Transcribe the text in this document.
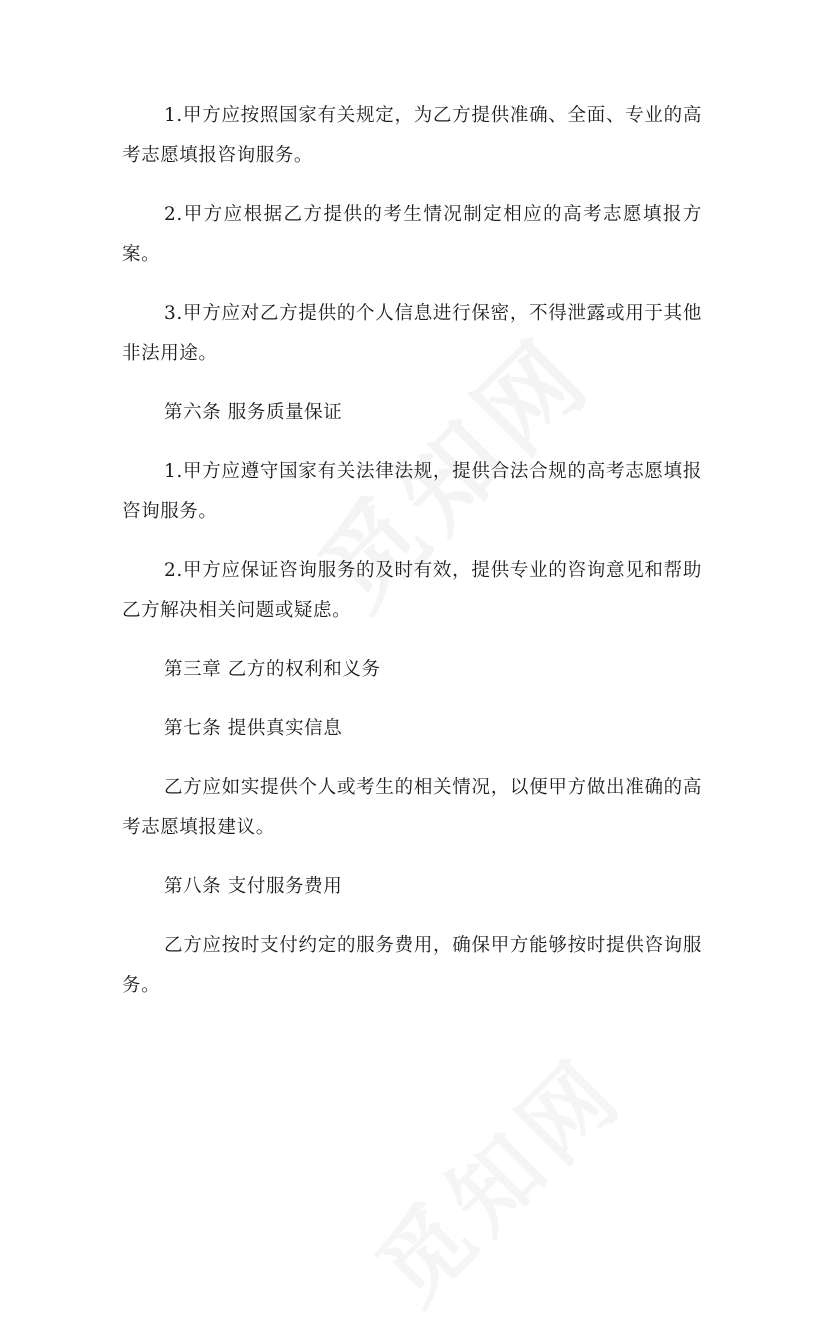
1.甲方应按照国家有关规定，为乙方提供准确、全面、专业的高考志愿填报咨询服务。

2.甲方应根据乙方提供的考生情况制定相应的高考志愿填报方案。

3.甲方应对乙方提供的个人信息进行保密，不得泄露或用于其他非法用途。

第六条 服务质量保证

1.甲方应遵守国家有关法律法规，提供合法合规的高考志愿填报咨询服务。

2.甲方应保证咨询服务的及时有效，提供专业的咨询意见和帮助乙方解决相关问题或疑虑。

第三章 乙方的权利和义务

第七条 提供真实信息

乙方应如实提供个人或考生的相关情况，以便甲方做出准确的高考志愿填报建议。

第八条 支付服务费用

乙方应按时支付约定的服务费用，确保甲方能够按时提供咨询服务。
